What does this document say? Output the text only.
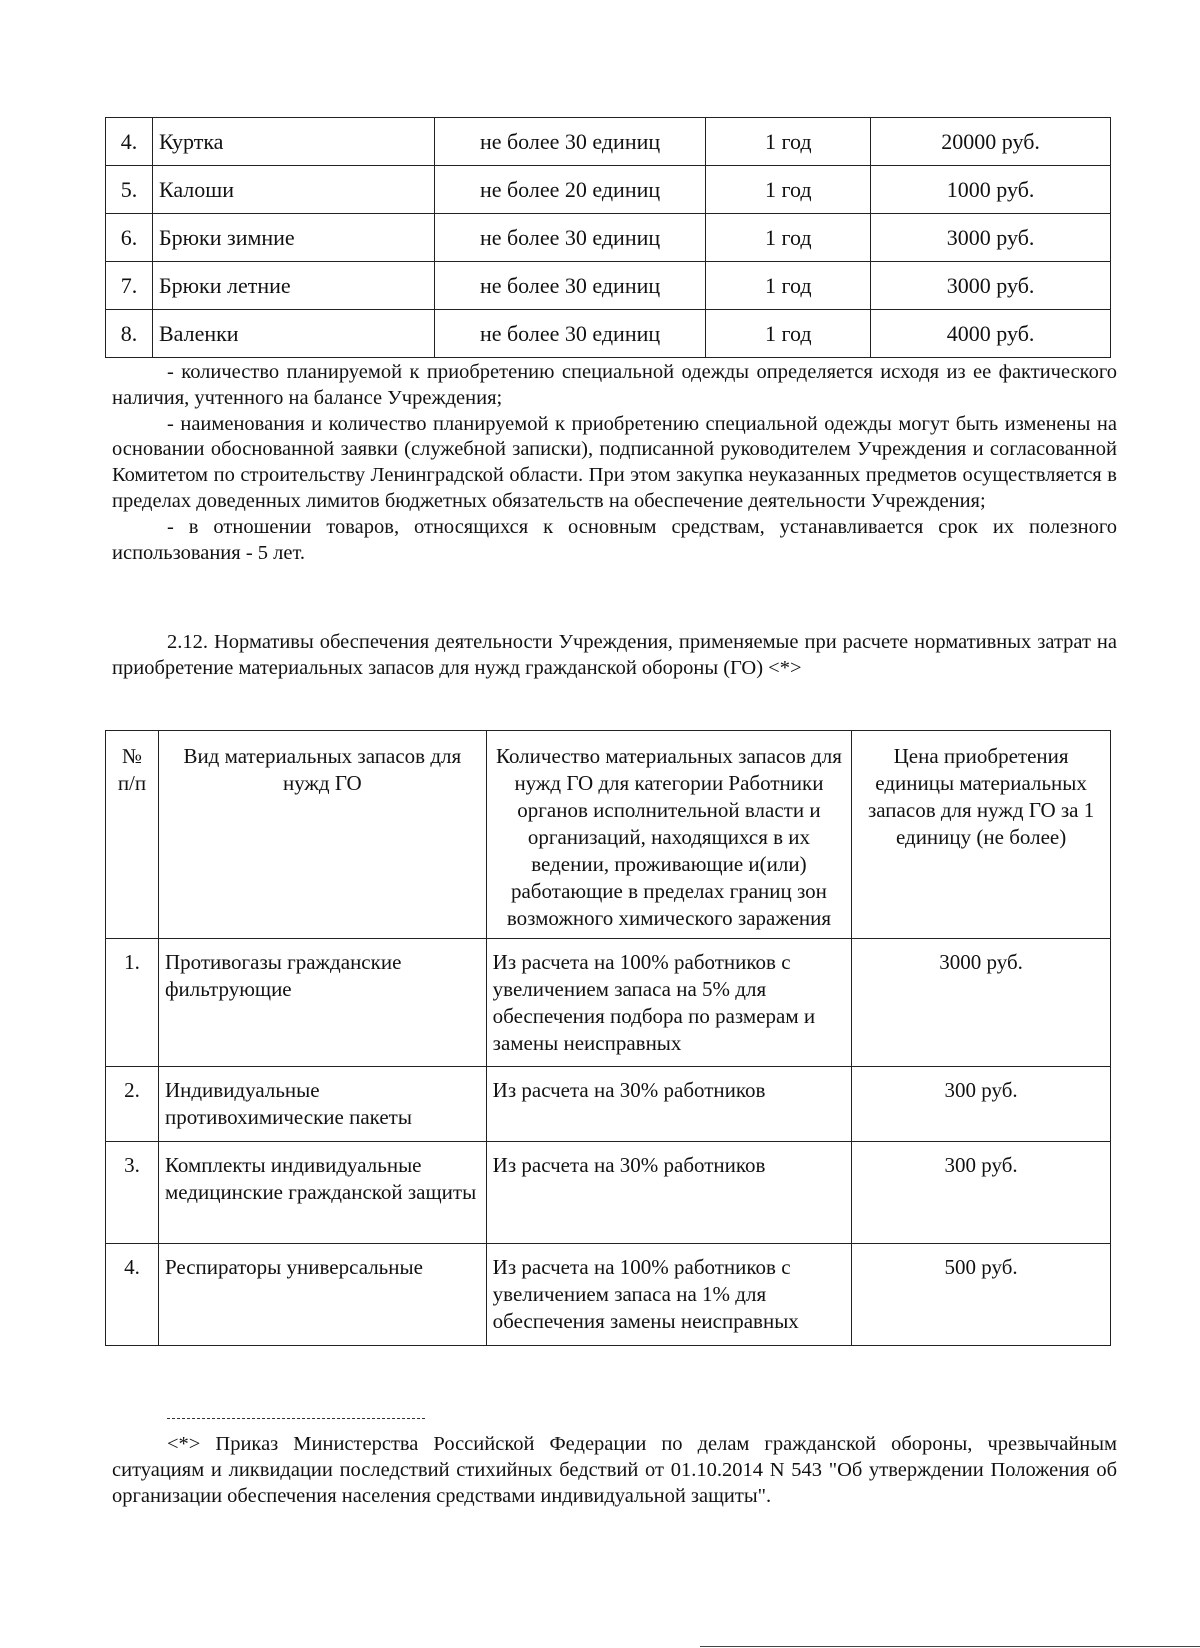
4.	Куртка	не более 30 единиц	1 год	20000 руб.
5.	Калоши	не более 20 единиц	1 год	1000 руб.
6.	Брюки зимние	не более 30 единиц	1 год	3000 руб.
7.	Брюки летние	не более 30 единиц	1 год	3000 руб.
8.	Валенки	не более 30 единиц	1 год	4000 руб.

- количество планируемой к приобретению специальной одежды определяется исходя из ее фактического наличия, учтенного на балансе Учреждения;

- наименования и количество планируемой к приобретению специальной одежды могут быть изменены на основании обоснованной заявки (служебной записки), подписанной руководителем Учреждения и согласованной Комитетом по строительству Ленинградской области. При этом закупка неуказанных предметов осуществляется в пределах доведенных лимитов бюджетных обязательств на обеспечение деятельности Учреждения;

- в отношении товаров, относящихся к основным средствам, устанавливается срок их полезного использования - 5 лет.

2.12. Нормативы обеспечения деятельности Учреждения, применяемые при расчете нормативных затрат на приобретение материальных запасов для нужд гражданской обороны (ГО) <*>

№ п/п	Вид материальных запасов для нужд ГО	Количество материальных запасов для нужд ГО для категории Работники органов исполнительной власти и организаций, находящихся в их ведении, проживающие и(или) работающие в пределах границ зон возможного химического заражения	Цена приобретения единицы материальных запасов для нужд ГО за 1 единицу (не более)
1.	Противогазы гражданские фильтрующие	Из расчета на 100% работников с увеличением запаса на 5% для обеспечения подбора по размерам и замены неисправных	3000 руб.
2.	Индивидуальные противохимические пакеты	Из расчета на 30% работников	300 руб.
3.	Комплекты индивидуальные медицинские гражданской защиты	Из расчета на 30% работников	300 руб.
4.	Респираторы универсальные	Из расчета на 100% работников с увеличением запаса на 1% для обеспечения замены неисправных	500 руб.

<*> Приказ Министерства Российской Федерации по делам гражданской обороны, чрезвычайным ситуациям и ликвидации последствий стихийных бедствий от 01.10.2014 N 543 "Об утверждении Положения об организации обеспечения населения средствами индивидуальной защиты".
